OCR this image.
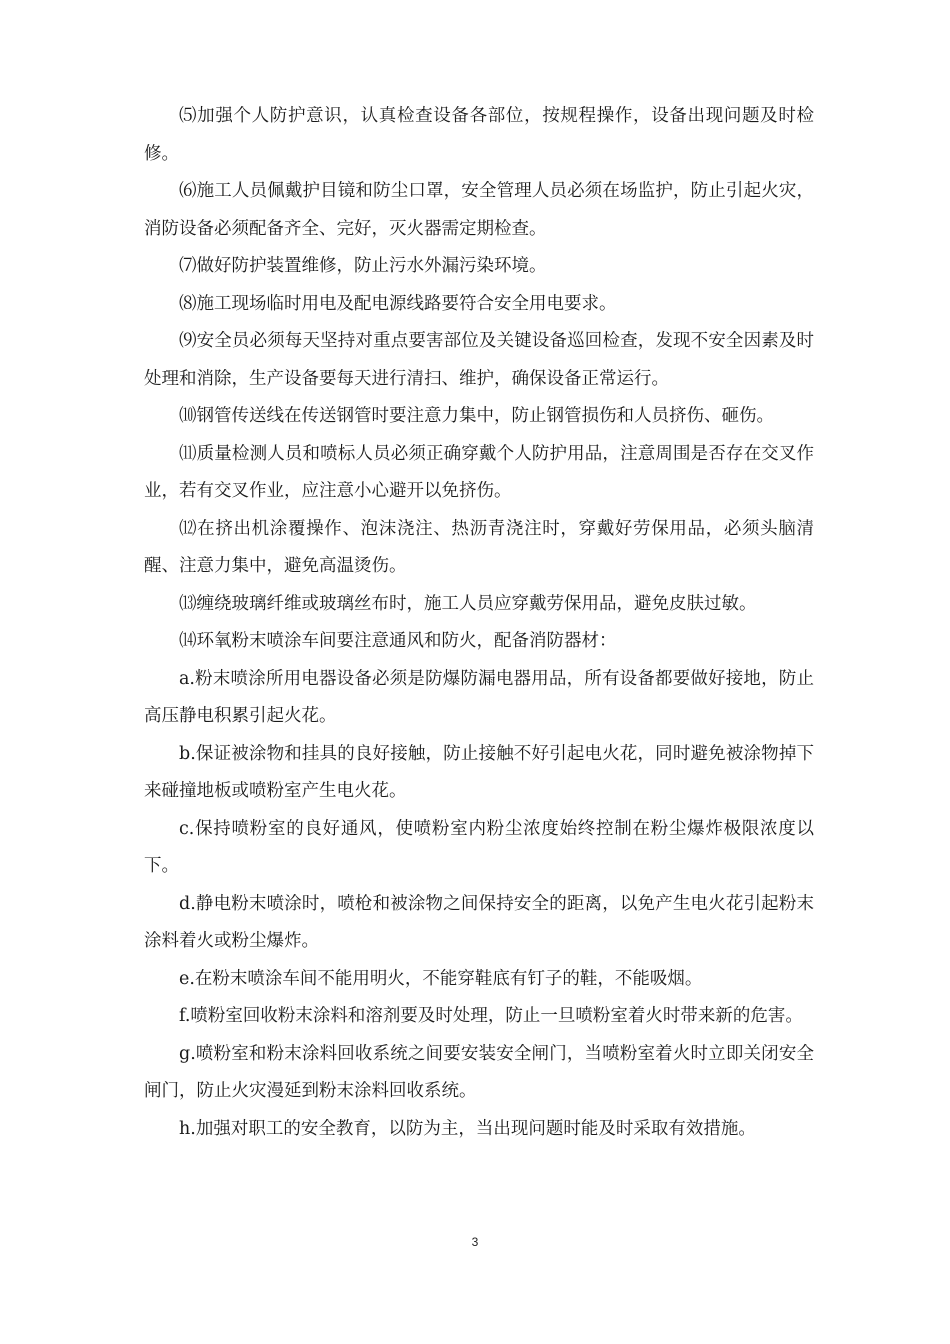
⑸加强个人防护意识，认真检查设备各部位，按规程操作，设备出现问题及时检修。

⑹施工人员佩戴护目镜和防尘口罩，安全管理人员必须在场监护，防止引起火灾，消防设备必须配备齐全、完好，灭火器需定期检查。

⑺做好防护装置维修，防止污水外漏污染环境。

⑻施工现场临时用电及配电源线路要符合安全用电要求。

⑼安全员必须每天坚持对重点要害部位及关键设备巡回检查，发现不安全因素及时处理和消除，生产设备要每天进行清扫、维护，确保设备正常运行。

⑽钢管传送线在传送钢管时要注意力集中，防止钢管损伤和人员挤伤、砸伤。

⑾质量检测人员和喷标人员必须正确穿戴个人防护用品，注意周围是否存在交叉作业，若有交叉作业，应注意小心避开以免挤伤。

⑿在挤出机涂覆操作、泡沫浇注、热沥青浇注时，穿戴好劳保用品，必须头脑清醒、注意力集中，避免高温烫伤。

⒀缠绕玻璃纤维或玻璃丝布时，施工人员应穿戴劳保用品，避免皮肤过敏。

⒁环氧粉末喷涂车间要注意通风和防火，配备消防器材：

a.粉末喷涂所用电器设备必须是防爆防漏电器用品，所有设备都要做好接地，防止高压静电积累引起火花。

b.保证被涂物和挂具的良好接触，防止接触不好引起电火花，同时避免被涂物掉下来碰撞地板或喷粉室产生电火花。

c.保持喷粉室的良好通风，使喷粉室内粉尘浓度始终控制在粉尘爆炸极限浓度以下。

d.静电粉末喷涂时，喷枪和被涂物之间保持安全的距离，以免产生电火花引起粉末涂料着火或粉尘爆炸。

e.在粉末喷涂车间不能用明火，不能穿鞋底有钉子的鞋，不能吸烟。

f.喷粉室回收粉末涂料和溶剂要及时处理，防止一旦喷粉室着火时带来新的危害。

g.喷粉室和粉末涂料回收系统之间要安装安全闸门，当喷粉室着火时立即关闭安全闸门，防止火灾漫延到粉末涂料回收系统。

h.加强对职工的安全教育，以防为主，当出现问题时能及时采取有效措施。

3
